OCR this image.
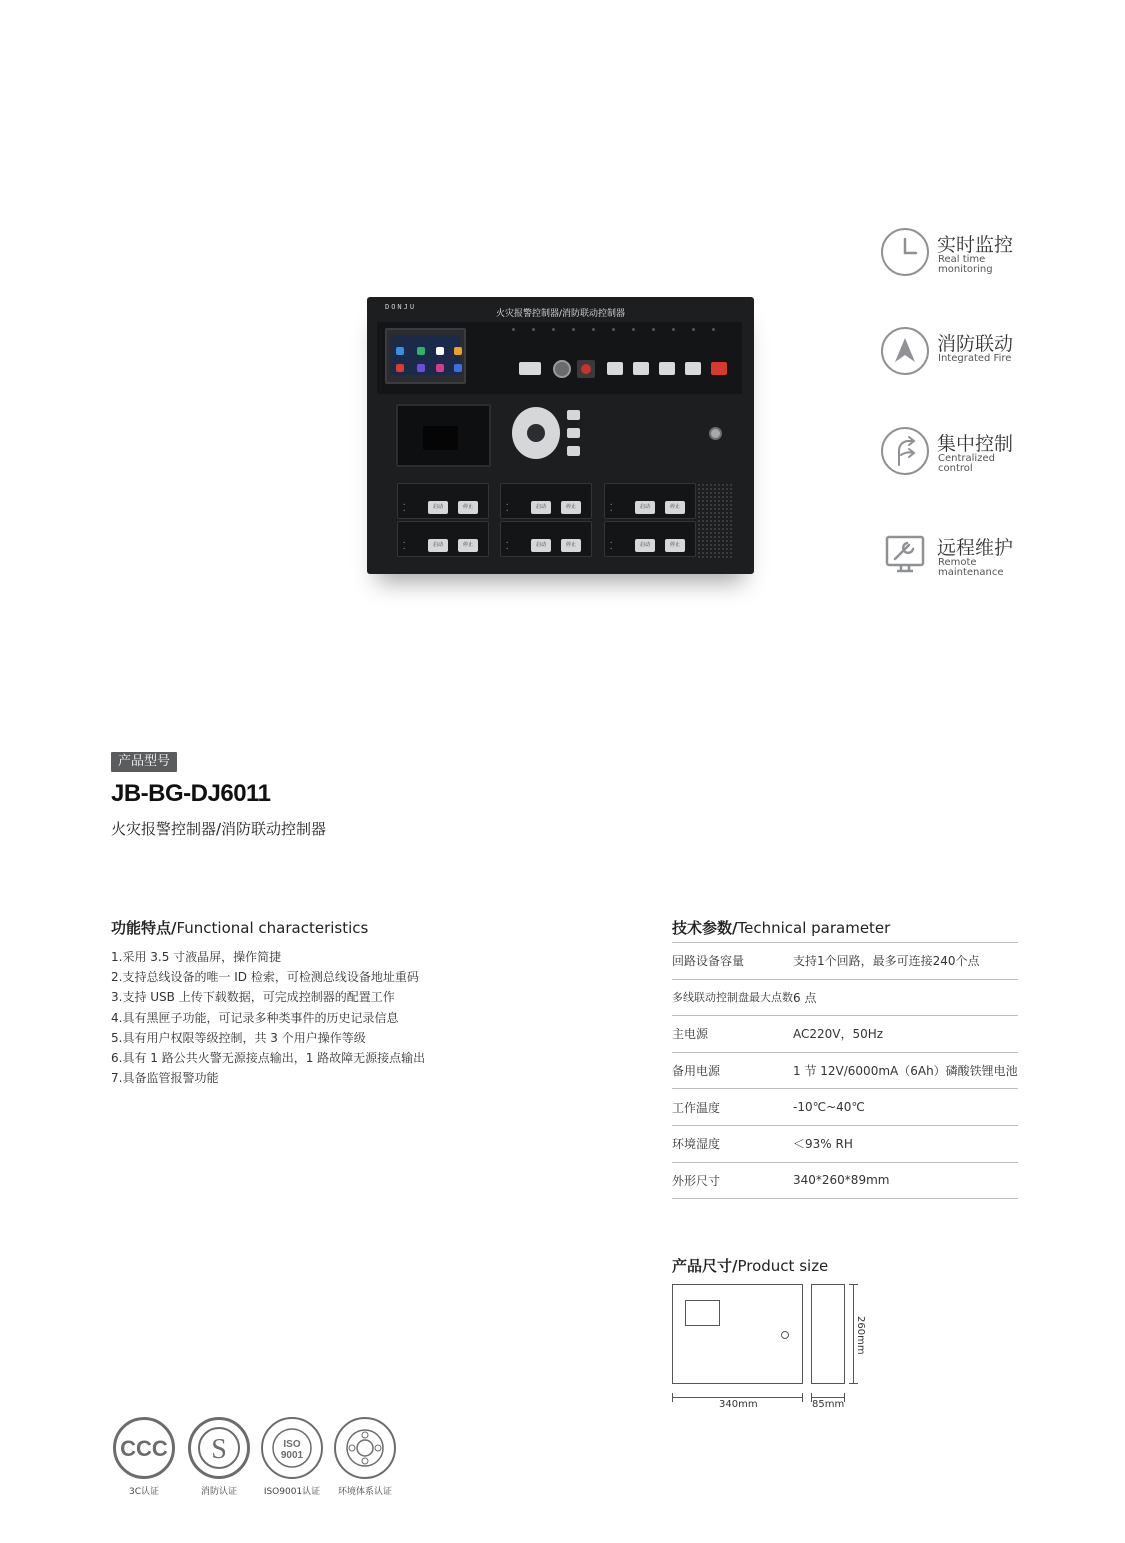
DONJU
火灾报警控制器/消防联动控制器
•
•
启动	停止	•
•
启动	停止	•
•
启动	停止
•
•
启动	停止	•
•
启动	停止	•
•
启动	停止
实时监控
Real time monitoring
消防联动
Integrated Fire
集中控制
Centralized control
远程维护
Remote maintenance
产品型号
JB-BG-DJ6011
火灾报警控制器/消防联动控制器
功能特点/Functional characteristics
1.采用 3.5 寸液晶屏，操作简捷
2.支持总线设备的唯一 ID 检索，可检测总线设备地址重码
3.支持 USB 上传下载数据，可完成控制器的配置工作
4.具有黑匣子功能，可记录多种类事件的历史记录信息
5.具有用户权限等级控制，共 3 个用户操作等级
6.具有 1 路公共火警无源接点输出，1 路故障无源接点输出
7.具备监管报警功能
技术参数/Technical parameter
回路设备容量	支持1个回路，最多可连接240个点
多线联动控制盘最大点数	6 点
主电源	AC220V，50Hz
备用电源	1 节 12V/6000mA（6Ah）磷酸铁锂电池
工作温度	-10℃~40℃
环境湿度	＜93% RH
外形尺寸	340*260*89mm
产品尺寸/Product size
340mm	85mm
260mm
CCC
3C认证
S
消防认证
ISO
9001
ISO9001认证	环境体系认证
